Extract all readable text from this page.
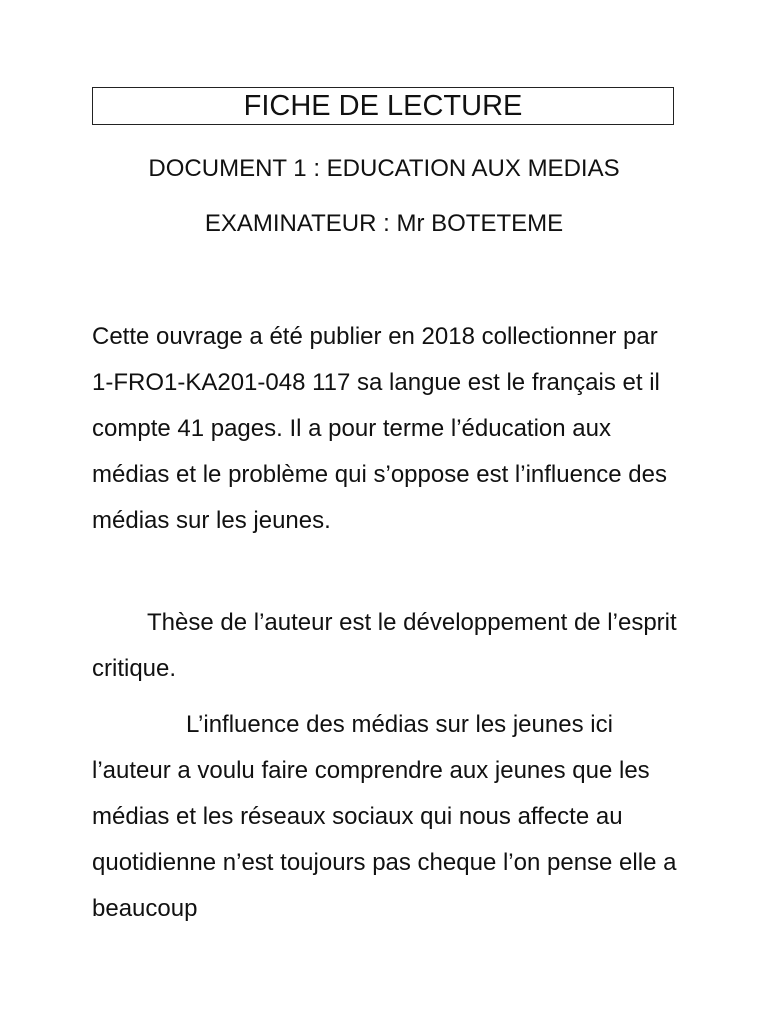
FICHE DE LECTURE
DOCUMENT 1 : EDUCATION AUX MEDIAS
EXAMINATEUR : Mr BOTETEME

Cette ouvrage a été publier en 2018 collectionner par 1-FRO1-KA201-048 117 sa langue est le français et il compte 41 pages. Il a pour terme l’éducation aux médias et le problème qui s’oppose est l’influence des médias sur les jeunes.

Thèse de l’auteur est le développement de l’esprit critique.

L’influence des médias sur les jeunes ici l’auteur a voulu faire comprendre aux jeunes que les médias et les réseaux sociaux qui nous affecte au quotidienne n’est toujours pas cheque l’on pense elle a beaucoup
